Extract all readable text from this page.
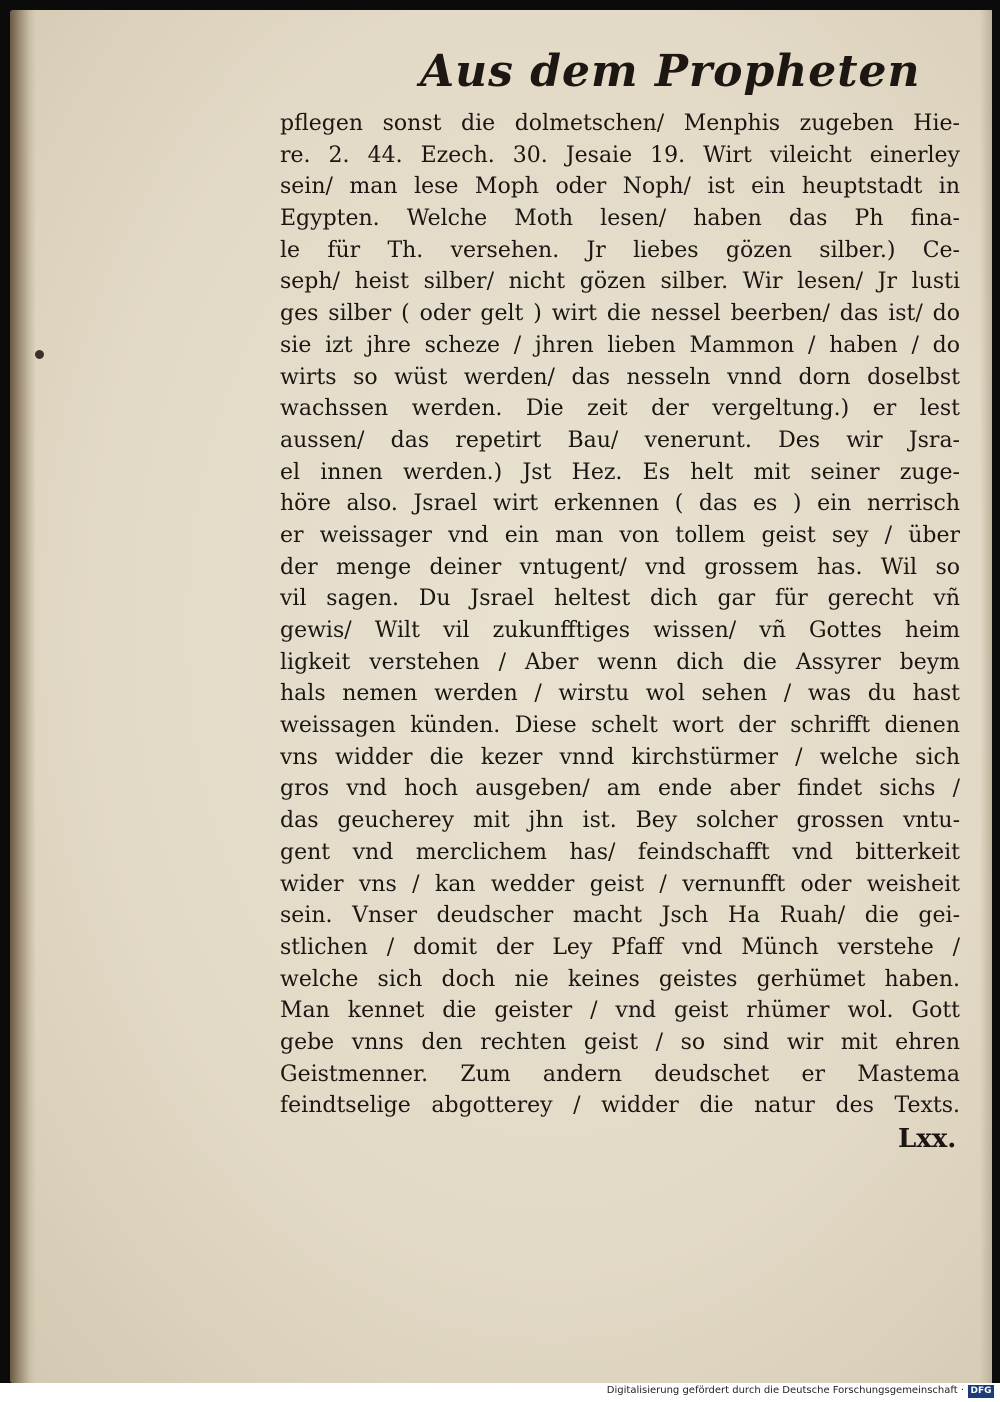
Aus dem Propheten
pflegen sonst die dolmetschen/ Menphis zugeben Hie-
re. 2. 44. Ezech. 30. Jesaie 19. Wirt vileicht einerley
sein/ man lese Moph oder Noph/ ist ein heuptstadt in
Egypten. Welche Moth lesen/ haben das Ph fina-
le für Th. versehen. Jr liebes gözen silber.) Ce-
seph/ heist silber/ nicht gözen silber. Wir lesen/ Jr lusti
ges silber ( oder gelt ) wirt die nessel beerben/ das ist/ do
sie izt jhre scheze / jhren lieben Mammon / haben / do
wirts so wüst werden/ das nesseln vnnd dorn doselbst
wachssen werden. Die zeit der vergeltung.) er lest
aussen/ das repetirt Bau/ venerunt. Des wir Jsra-
el innen werden.) Jst Hez. Es helt mit seiner zuge-
höre also. Jsrael wirt erkennen ( das es ) ein nerrisch
er weissager vnd ein man von tollem geist sey / über
der menge deiner vntugent/ vnd grossem has. Wil so
vil sagen. Du Jsrael heltest dich gar für gerecht vñ
gewis/ Wilt vil zukunfftiges wissen/ vñ Gottes heim
ligkeit verstehen / Aber wenn dich die Assyrer beym
hals nemen werden / wirstu wol sehen / was du hast
weissagen künden. Diese schelt wort der schrifft dienen
vns widder die kezer vnnd kirchstürmer / welche sich
gros vnd hoch ausgeben/ am ende aber findet sichs /
das geucherey mit jhn ist. Bey solcher grossen vntu-
gent vnd merclichem has/ feindschafft vnd bitterkeit
wider vns / kan wedder geist / vernunfft oder weisheit
sein. Vnser deudscher macht Jsch Ha Ruah/ die gei-
stlichen / domit der Ley Pfaff vnd Münch verstehe /
welche sich doch nie keines geistes gerhümet haben.
Man kennet die geister / vnd geist rhümer wol. Gott
gebe vnns den rechten geist / so sind wir mit ehren
Geistmenner. Zum andern deudschet er Mastema
feindtselige abgotterey / widder die natur des Texts.
Lxx.
Digitalisierung gefördert durch die Deutsche Forschungsgemeinschaft · DFG
